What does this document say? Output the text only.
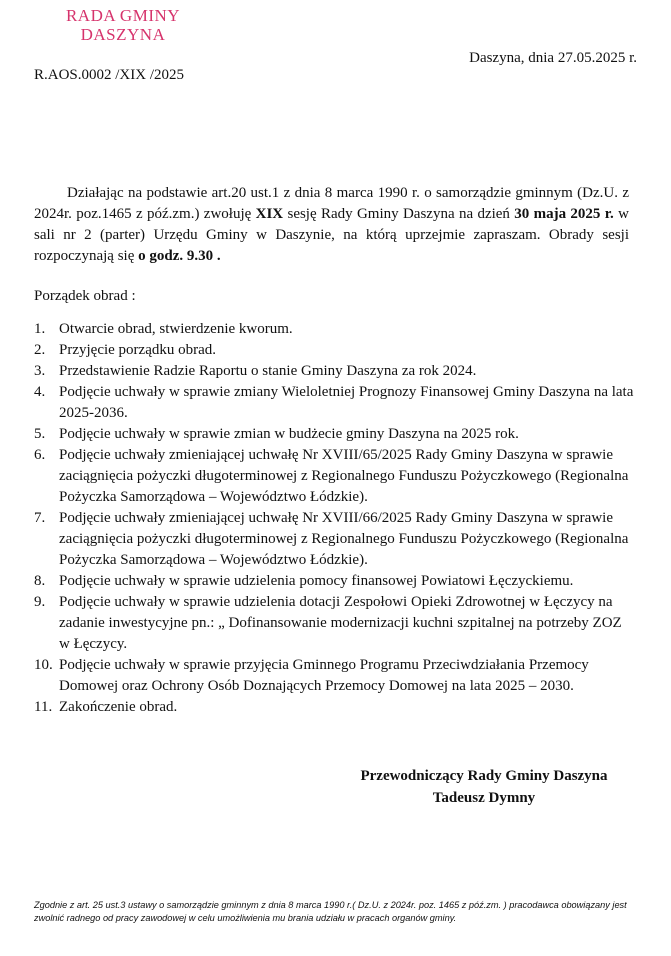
RADA GMINY
DASZYNA
Daszyna, dnia 27.05.2025 r.
R.AOS.0002 /XIX /2025
Działając na podstawie art.20 ust.1 z dnia 8 marca 1990 r. o samorządzie gminnym (Dz.U. z 2024r. poz.1465 z póź.zm.) zwołuję XIX sesję Rady Gminy Daszyna na dzień 30 maja 2025 r. w sali nr 2 (parter) Urzędu Gminy w Daszynie, na którą uprzejmie zapraszam. Obrady sesji rozpoczynają się o godz. 9.30 .
Porządek obrad :
1. Otwarcie obrad, stwierdzenie kworum.
2. Przyjęcie porządku obrad.
3. Przedstawienie Radzie Raportu o stanie Gminy Daszyna za rok 2024.
4. Podjęcie uchwały w sprawie zmiany Wieloletniej Prognozy Finansowej Gminy Daszyna na lata 2025-2036.
5. Podjęcie uchwały w sprawie zmian w budżecie gminy Daszyna na 2025 rok.
6. Podjęcie uchwały zmieniającej uchwałę Nr XVIII/65/2025 Rady Gminy Daszyna w sprawie zaciągnięcia pożyczki długoterminowej z Regionalnego Funduszu Pożyczkowego (Regionalna Pożyczka Samorządowa – Województwo Łódzkie).
7. Podjęcie uchwały zmieniającej uchwałę Nr XVIII/66/2025 Rady Gminy Daszyna w sprawie zaciągnięcia pożyczki długoterminowej z Regionalnego Funduszu Pożyczkowego (Regionalna Pożyczka Samorządowa – Województwo Łódzkie).
8. Podjęcie uchwały w sprawie udzielenia pomocy finansowej Powiatowi Łęczyckiemu.
9. Podjęcie uchwały w sprawie udzielenia dotacji Zespołowi Opieki Zdrowotnej w Łęczycy na zadanie inwestycyjne pn.: „ Dofinansowanie modernizacji kuchni szpitalnej na potrzeby ZOZ w Łęczycy.
10. Podjęcie uchwały w sprawie przyjęcia Gminnego Programu Przeciwdziałania Przemocy Domowej oraz Ochrony Osób Doznających Przemocy Domowej na lata 2025 – 2030.
11. Zakończenie obrad.
Przewodniczący Rady Gminy Daszyna
Tadeusz Dymny
Zgodnie z art. 25 ust.3 ustawy o samorządzie gminnym z dnia 8 marca 1990 r.( Dz.U. z 2024r. poz. 1465 z póź.zm. ) pracodawca obowiązany jest zwolnić radnego od pracy zawodowej w celu umożliwienia mu brania udziału w pracach organów gminy.
